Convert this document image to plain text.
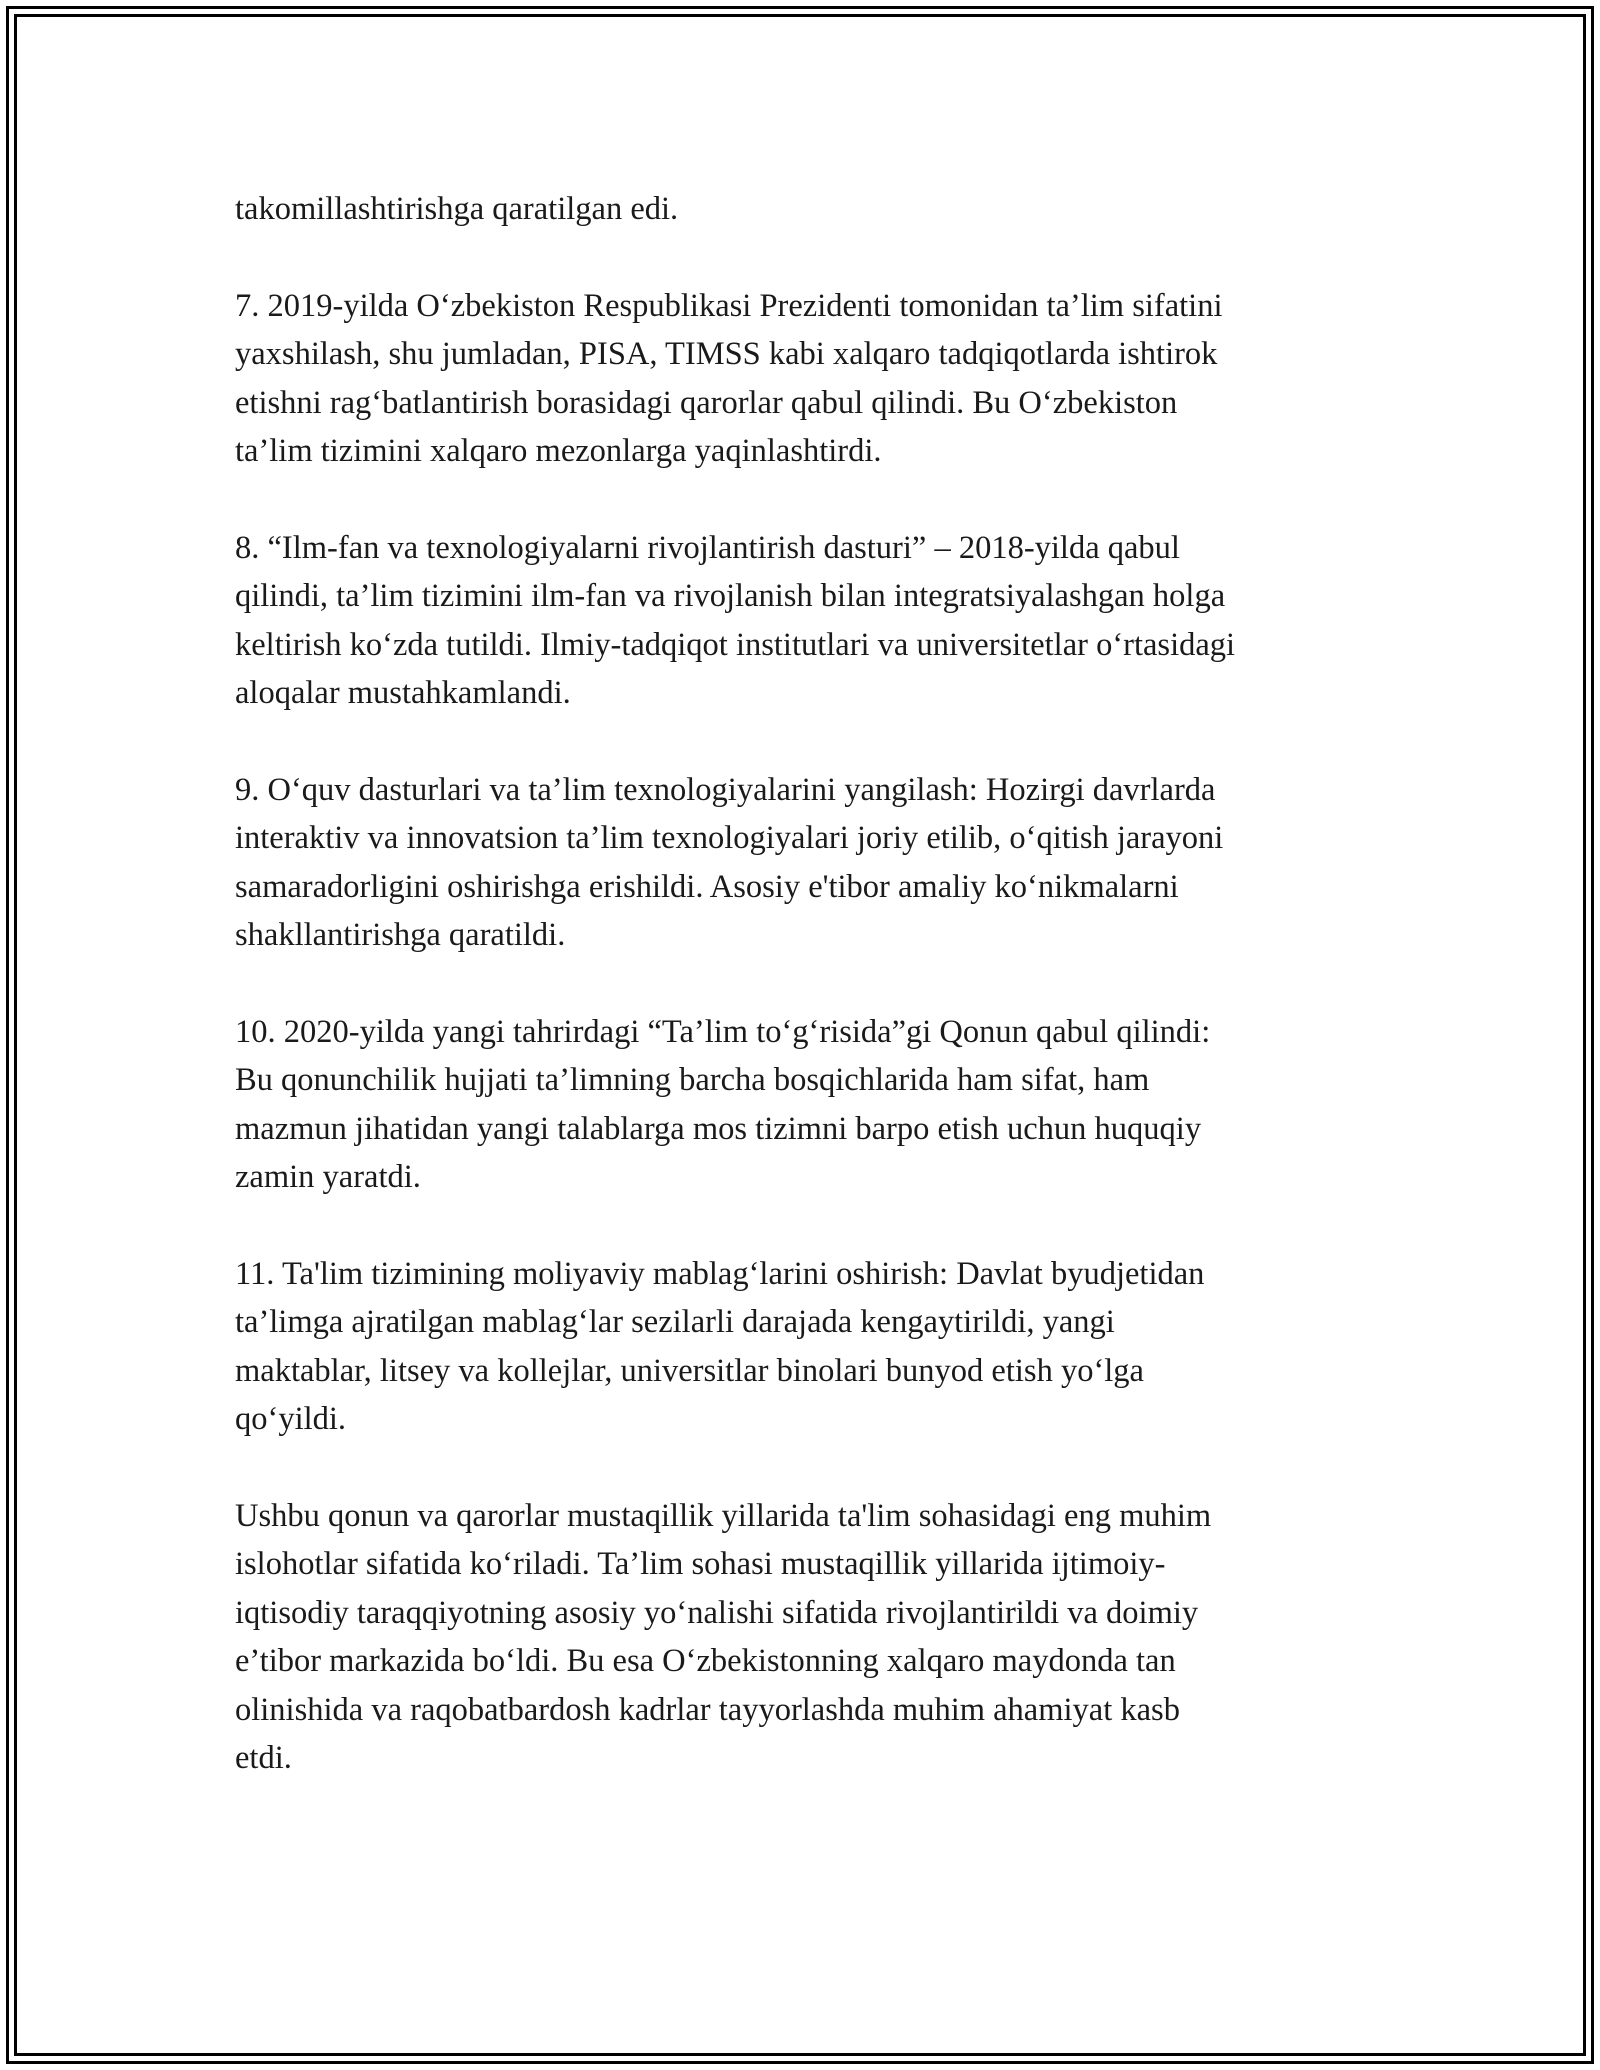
takomillashtirishga qaratilgan edi.
7. 2019-yilda O‘zbekiston Respublikasi Prezidenti tomonidan ta’lim sifatini
yaxshilash, shu jumladan, PISA, TIMSS kabi xalqaro tadqiqotlarda ishtirok
etishni rag‘batlantirish borasidagi qarorlar qabul qilindi. Bu O‘zbekiston
ta’lim tizimini xalqaro mezonlarga yaqinlashtirdi.
8. “Ilm-fan va texnologiyalarni rivojlantirish dasturi” – 2018-yilda qabul
qilindi, ta’lim tizimini ilm-fan va rivojlanish bilan integratsiyalashgan holga
keltirish ko‘zda tutildi. Ilmiy-tadqiqot institutlari va universitetlar o‘rtasidagi
aloqalar mustahkamlandi.
9. O‘quv dasturlari va ta’lim texnologiyalarini yangilash: Hozirgi davrlarda
interaktiv va innovatsion ta’lim texnologiyalari joriy etilib, o‘qitish jarayoni
samaradorligini oshirishga erishildi. Asosiy e'tibor amaliy ko‘nikmalarni
shakllantirishga qaratildi.
10. 2020-yilda yangi tahrirdagi “Ta’lim to‘g‘risida”gi Qonun qabul qilindi:
Bu qonunchilik hujjati ta’limning barcha bosqichlarida ham sifat, ham
mazmun jihatidan yangi talablarga mos tizimni barpo etish uchun huquqiy
zamin yaratdi.
11. Ta'lim tizimining moliyaviy mablag‘larini oshirish: Davlat byudjetidan
ta’limga ajratilgan mablag‘lar sezilarli darajada kengaytirildi, yangi
maktablar, litsey va kollejlar, universitlar binolari bunyod etish yo‘lga
qo‘yildi.
Ushbu qonun va qarorlar mustaqillik yillarida ta'lim sohasidagi eng muhim
islohotlar sifatida ko‘riladi. Ta’lim sohasi mustaqillik yillarida ijtimoiy-
iqtisodiy taraqqiyotning asosiy yo‘nalishi sifatida rivojlantirildi va doimiy
e’tibor markazida bo‘ldi. Bu esa O‘zbekistonning xalqaro maydonda tan
olinishida va raqobatbardosh kadrlar tayyorlashda muhim ahamiyat kasb
etdi.
